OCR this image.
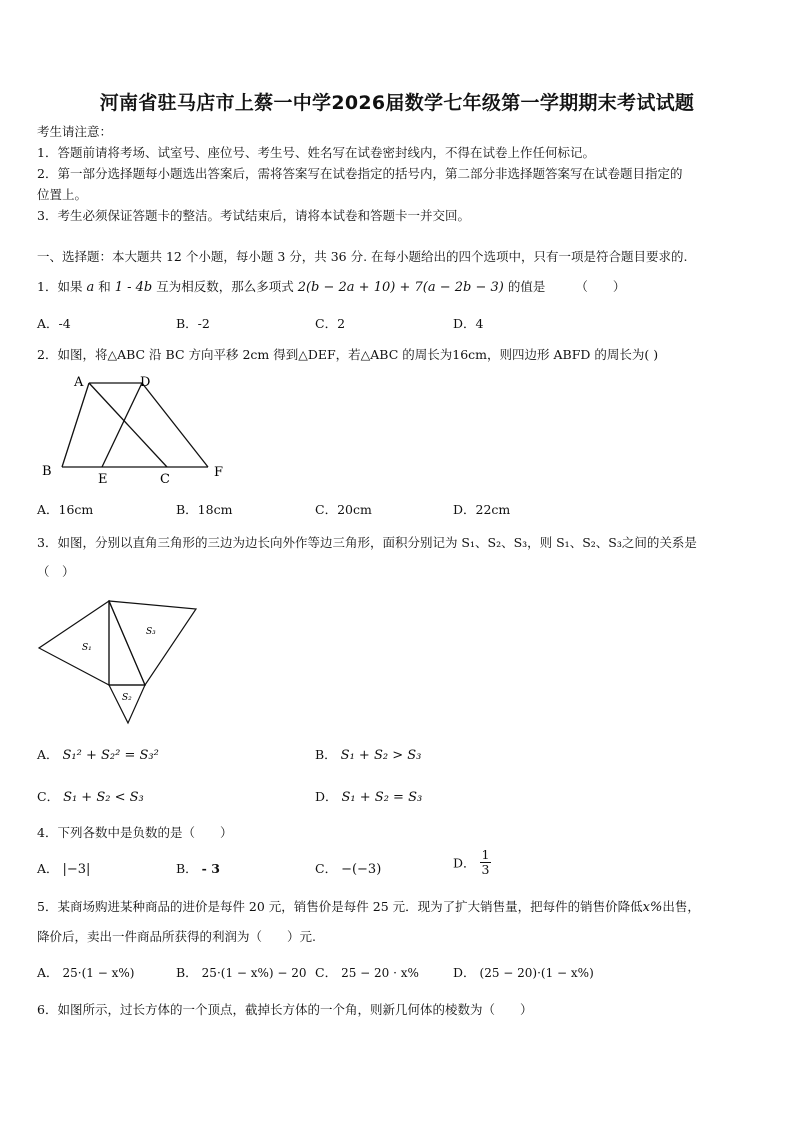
河南省驻马店市上蔡一中学2026届数学七年级第一学期期末考试试题
考生请注意：
1．答题前请将考场、试室号、座位号、考生号、姓名写在试卷密封线内，不得在试卷上作任何标记。
2．第一部分选择题每小题选出答案后，需将答案写在试卷指定的括号内，第二部分非选择题答案写在试卷题目指定的
位置上。
3．考生必须保证答题卡的整洁。考试结束后，请将本试卷和答题卡一并交回。
一、选择题：本大题共 12 个小题，每小题 3 分，共 36 分. 在每小题给出的四个选项中，只有一项是符合题目要求的.
1．如果 a 和 1 - 4b 互为相反数，那么多项式 2(b − 2a + 10) + 7(a − 2b − 3) 的值是 （　　）
A．-4	B．-2	C．2	D．4
2．如图，将△ABC 沿 BC 方向平移 2cm 得到△DEF，若△ABC 的周长为16cm，则四边形 ABFD 的周长为( )
A	D
B
E	C	F
A．16cm	B．18cm	C．20cm	D．22cm
3．如图，分别以直角三角形的三边为边长向外作等边三角形，面积分别记为 S₁、S₂、S₃，则 S₁、S₂、S₃之间的关系是
（　）
S₁
S₂
S₃
A． S₁² + S₂² = S₃²	B． S₁ + S₂ > S₃
C． S₁ + S₂ < S₃	D． S₁ + S₂ = S₃
4．下列各数中是负数的是（　　）
A． |−3|	B． - 3	C． −(−3)	D． $\frac{1}{3}$
5．某商场购进某种商品的进价是每件 20 元，销售价是每件 25 元．现为了扩大销售量，把每件的销售价降低x%出售，
降价后，卖出一件商品所获得的利润为（　　）元.
A． 25·(1 − x%)	B． 25·(1 − x%) − 20 C． 25 − 20 · x%	D． (25 − 20)·(1 − x%)
6．如图所示，过长方体的一个顶点，截掉长方体的一个角，则新几何体的棱数为（　　）
